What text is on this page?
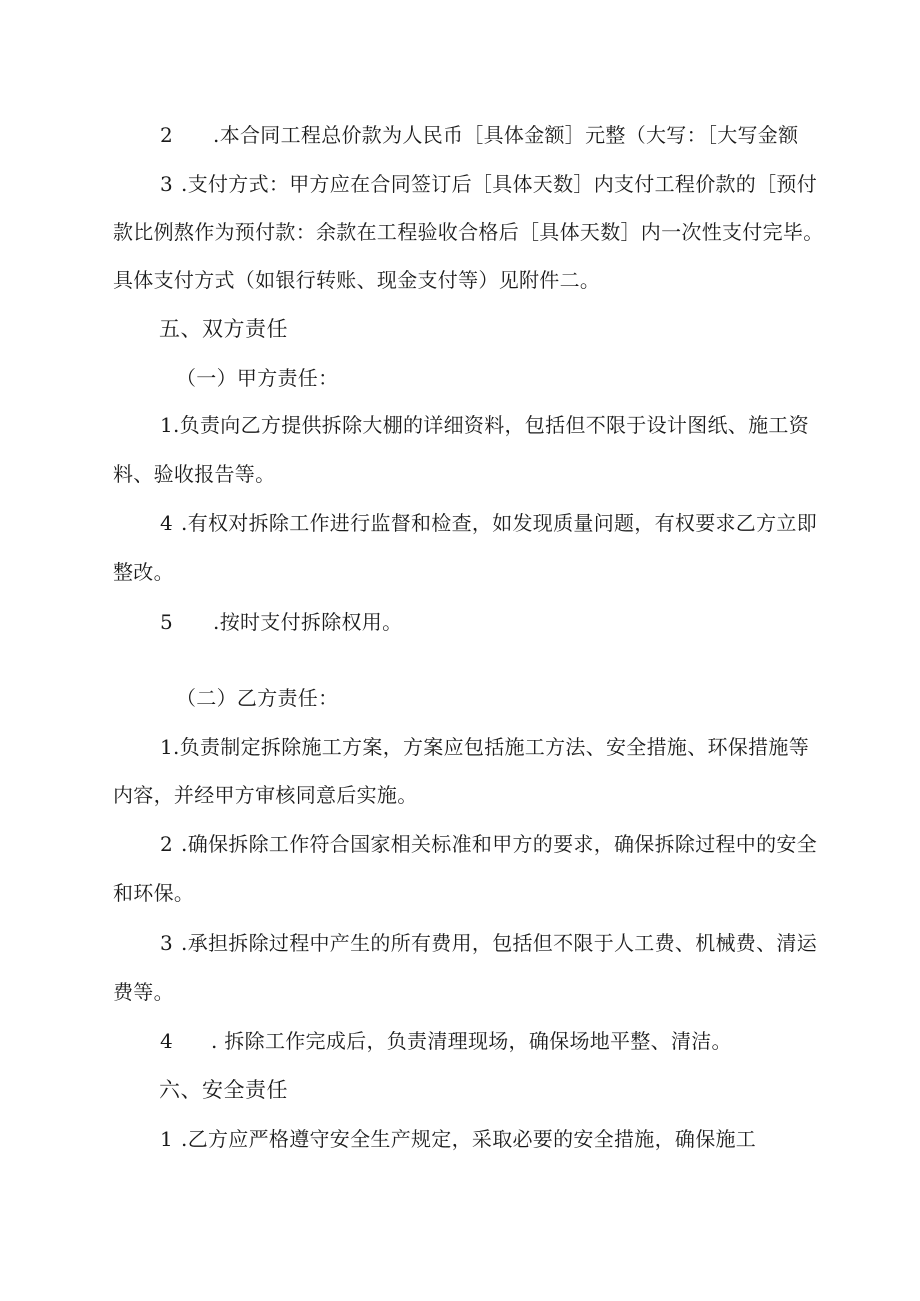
2 .本合同工程总价款为人民币［具体金额］元整（大写：［大写金额
3 .支付方式：甲方应在合同签订后［具体天数］内支付工程价款的［预付
款比例熬作为预付款：余款在工程验收合格后［具体天数］内一次性支付完毕。
具体支付方式（如银行转账、现金支付等）见附件二。
五、双方责任
（一）甲方责任：
1.负责向乙方提供拆除大棚的详细资料，包括但不限于设计图纸、施工资
料、验收报告等。
4 .有权对拆除工作进行监督和检查，如发现质量问题，有权要求乙方立即
整改。
5 .按时支付拆除权用。
（二）乙方责任：
1.负责制定拆除施工方案，方案应包括施工方法、安全措施、环保措施等
内容，并经甲方审核同意后实施。
2 .确保拆除工作符合国家相关标准和甲方的要求，确保拆除过程中的安全
和环保。
3 .承担拆除过程中产生的所有费用，包括但不限于人工费、机械费、清运
费等。
4 . 拆除工作完成后，负责清理现场，确保场地平整、清洁。
六、安全责任
1 .乙方应严格遵守安全生产规定，采取必要的安全措施，确保施工
